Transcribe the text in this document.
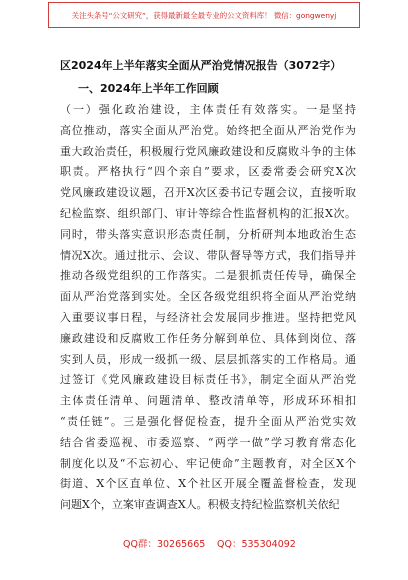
关注头条号“公文研究”，获得最新最全最专业的公文资料库！ 微信：gongwenyj
区2024年上半年落实全面从严治党情况报告（3072字）
一、2024年上半年工作回顾
（一）强化政治建设，主体责任有效落实。一是坚持
高位推动，落实全面从严治党。始终把全面从严治党作为
重大政治责任，积极履行党风廉政建设和反腐败斗争的主体
职责。严格执行“四个亲自”要求，区委常委会研究X次
党风廉政建设议题，召开X次区委书记专题会议，直接听取
纪检监察、组织部门、审计等综合性监督机构的汇报X次。
同时，带头落实意识形态责任制，分析研判本地政治生态
情况X次。通过批示、会议、带队督导等方式，我们指导并
推动各级党组织的工作落实。二是狠抓责任传导，确保全
面从严治党落到实处。全区各级党组织将全面从严治党纳
入重要议事日程，与经济社会发展同步推进。坚持把党风
廉政建设和反腐败工作任务分解到单位、具体到岗位、落
实到人员，形成一级抓一级、层层抓落实的工作格局。通
过签订《党风廉政建设目标责任书》，制定全面从严治党
主体责任清单、问题清单、整改清单等，形成环环相扣
“责任链”。三是强化督促检查，提升全面从严治党实效
结合省委巡视、市委巡察、“两学一做”学习教育常态化
制度化以及“不忘初心、牢记使命”主题教育，对全区X个
街道、X个区直单位、X个社区开展全覆盖督检查，发现
问题X个，立案审查调查X人。积极支持纪检监察机关依纪
QQ群：30265665 QQ：535304092
